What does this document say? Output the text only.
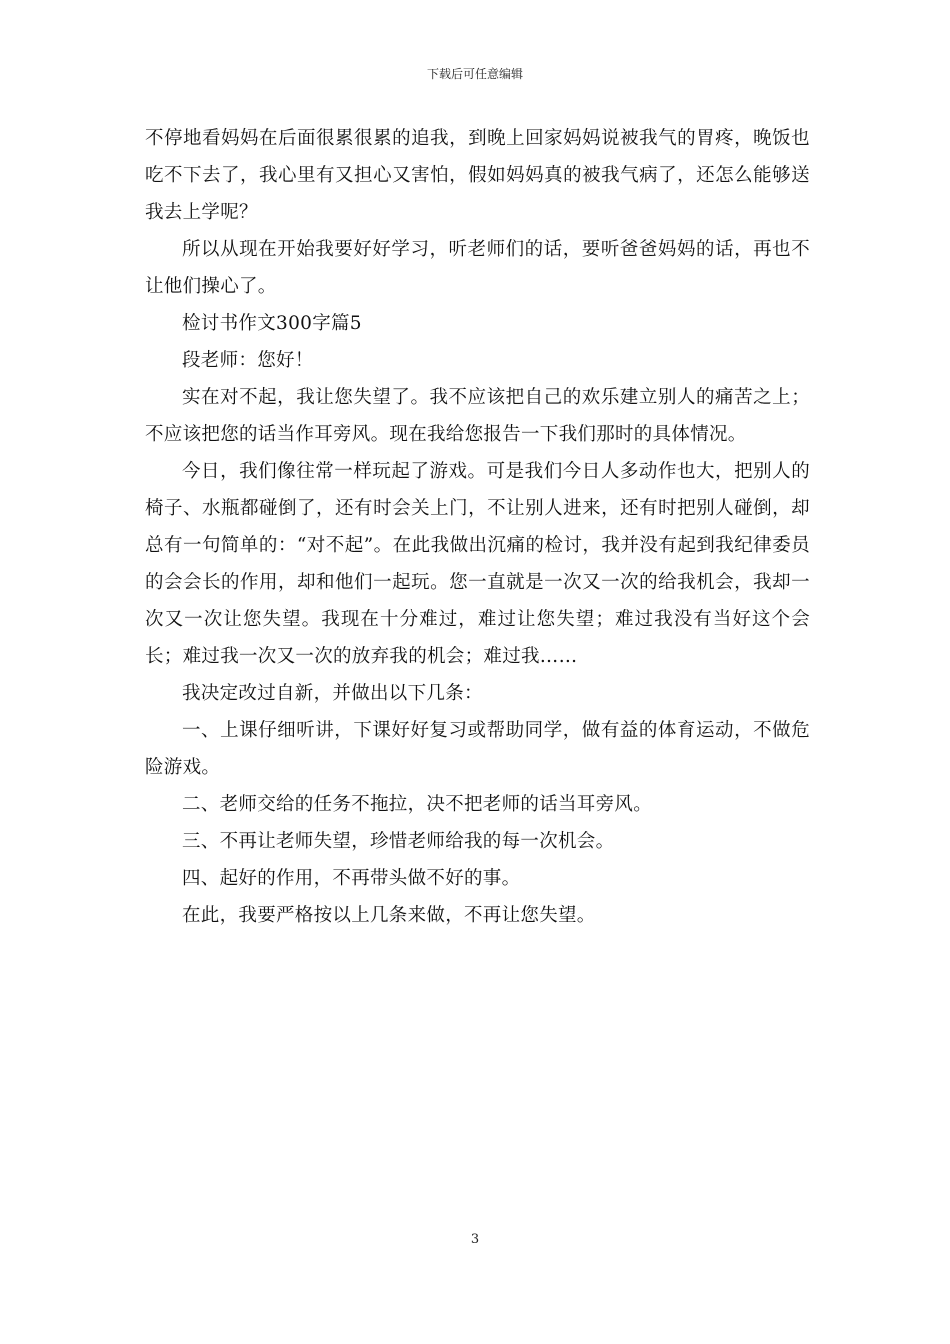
下载后可任意编辑

不停地看妈妈在后面很累很累的追我，到晚上回家妈妈说被我气的胃疼，晚饭也吃不下去了，我心里有又担心又害怕，假如妈妈真的被我气病了，还怎么能够送我去上学呢？

所以从现在开始我要好好学习，听老师们的话，要听爸爸妈妈的话，再也不让他们操心了。

检讨书作文300字篇5

段老师：您好！

实在对不起，我让您失望了。我不应该把自己的欢乐建立别人的痛苦之上；不应该把您的话当作耳旁风。现在我给您报告一下我们那时的具体情况。

今日，我们像往常一样玩起了游戏。可是我们今日人多动作也大，把别人的椅子、水瓶都碰倒了，还有时会关上门，不让别人进来，还有时把别人碰倒，却总有一句简单的：“对不起”。在此我做出沉痛的检讨，我并没有起到我纪律委员的会会长的作用，却和他们一起玩。您一直就是一次又一次的给我机会，我却一次又一次让您失望。我现在十分难过，难过让您失望；难过我没有当好这个会长；难过我一次又一次的放弃我的机会；难过我……

我决定改过自新，并做出以下几条：

一、上课仔细听讲，下课好好复习或帮助同学，做有益的体育运动，不做危险游戏。

二、老师交给的任务不拖拉，决不把老师的话当耳旁风。

三、不再让老师失望，珍惜老师给我的每一次机会。

四、起好的作用，不再带头做不好的事。

在此，我要严格按以上几条来做，不再让您失望。

3
